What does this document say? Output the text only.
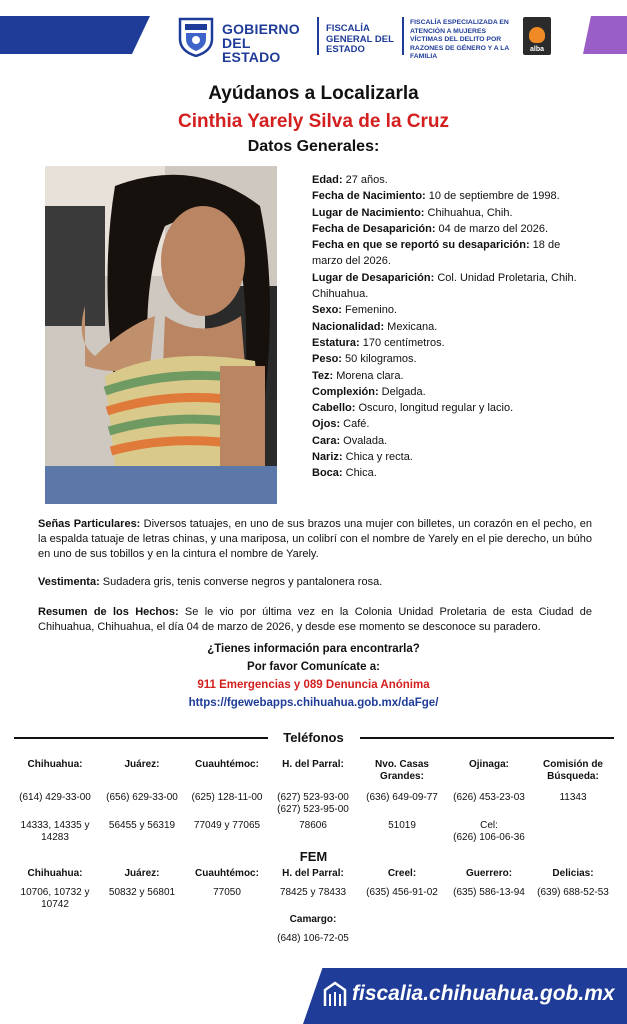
GOBIERNO DEL ESTADO
FISCALÍA GENERAL DEL ESTADO
FISCALÍA ESPECIALIZADA EN ATENCIÓN A MUJERES VÍCTIMAS DEL DELITO POR RAZONES DE GÉNERO Y A LA FAMILIA
alba
Ayúdanos a Localizarla
Cinthia Yarely Silva de la Cruz
Datos Generales:
Edad: 27 años.
Fecha de Nacimiento: 10 de septiembre de 1998.
Lugar de Nacimiento: Chihuahua, Chih.
Fecha de Desaparición: 04 de marzo del 2026.
Fecha en que se reportó su desaparición: 18 de marzo del 2026.
Lugar de Desaparición: Col. Unidad Proletaria, Chih. Chihuahua.
Sexo: Femenino.
Nacionalidad: Mexicana.
Estatura: 170 centímetros.
Peso: 50 kilogramos.
Tez: Morena clara.
Complexión: Delgada.
Cabello: Oscuro, longitud regular y lacio.
Ojos: Café.
Cara: Ovalada.
Nariz: Chica y recta.
Boca: Chica.
Señas Particulares: Diversos tatuajes, en uno de sus brazos una mujer con billetes, un corazón en el pecho, en la espalda tatuaje de letras chinas, y una mariposa, un colibrí con el nombre de Yarely en el pie derecho, un búho en uno de sus tobillos y en la cintura el nombre de Yarely.
Vestimenta: Sudadera gris, tenis converse negros y pantalonera rosa.
Resumen de los Hechos: Se le vio por última vez en la Colonia Unidad Proletaria de esta Ciudad de Chihuahua, Chihuahua, el día 04 de marzo de 2026, y desde ese momento se desconoce su paradero.
¿Tienes información para encontrarla?
Por favor Comunícate a:
911 Emergencias y 089 Denuncia Anónima
https://fgewebapps.chihuahua.gob.mx/daFge/
Teléfonos
FEM
Camargo:
(648) 106-72-05
fiscalia.chihuahua.gob.mx
Chihuahua:
(614) 429-33-00
14333, 14335 y 14283
Juárez:
(656) 629-33-00
56455 y 56319
Cuauhtémoc:
(625) 128-11-00
77049 y 77065
H. del Parral:
(627) 523-93-00
(627) 523-95-00
78606
Nvo. Casas Grandes:
(636) 649-09-77
51019
Ojinaga:
(626) 453-23-03
Cel:
(626) 106-06-36
Comisión de Búsqueda:
11343
Chihuahua:
10706, 10732 y 10742
Juárez:
50832 y 56801
Cuauhtémoc:
77050
H. del Parral:
78425 y 78433
Creel:
(635) 456-91-02
Guerrero:
(635) 586-13-94
Delicias:
(639) 688-52-53
